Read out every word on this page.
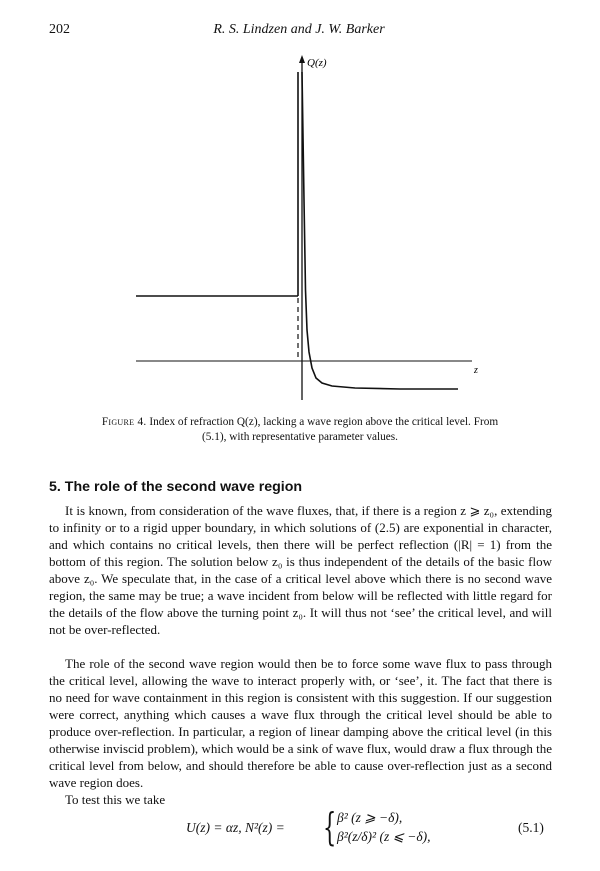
202	R. S. Lindzen and J. W. Barker
Q(z)
z
Figure 4. Index of refraction Q(z), lacking a wave region above the critical level. From (5.1), with representative parameter values.
5. The role of the second wave region

It is known, from consideration of the wave fluxes, that, if there is a region z ⩾ z₀, extending to infinity or to a rigid upper boundary, in which solutions of (2.5) are exponential in character, and which contains no critical levels, then there will be perfect reflection (|R| = 1) from the bottom of this region. The solution below z₀ is thus independent of the details of the basic flow above z₀. We speculate that, in the case of a critical level above which there is no second wave region, the same may be true; a wave incident from below will be reflected with little regard for the details of the flow above the turning point z₀. It will thus not ‘see’ the critical level, and will not be over-reflected.

The role of the second wave region would then be to force some wave flux to pass through the critical level, allowing the wave to interact properly with, or ‘see’, it. The fact that there is no need for wave containment in this region is consistent with this suggestion. If our suggestion were correct, anything which causes a wave flux through the critical level should be able to produce over-reflection. In particular, a region of linear damping above the critical level (in this otherwise inviscid problem), which would be a sink of wave flux, would draw a flux through the critical level from below, and should therefore be able to cause over-reflection just as a second wave region does.

To test this we take

U(z) = αz, N²(z) = { β² (z ⩾ −δ),
β²(z/δ)² (z ⩽ −δ),
(5.1)
